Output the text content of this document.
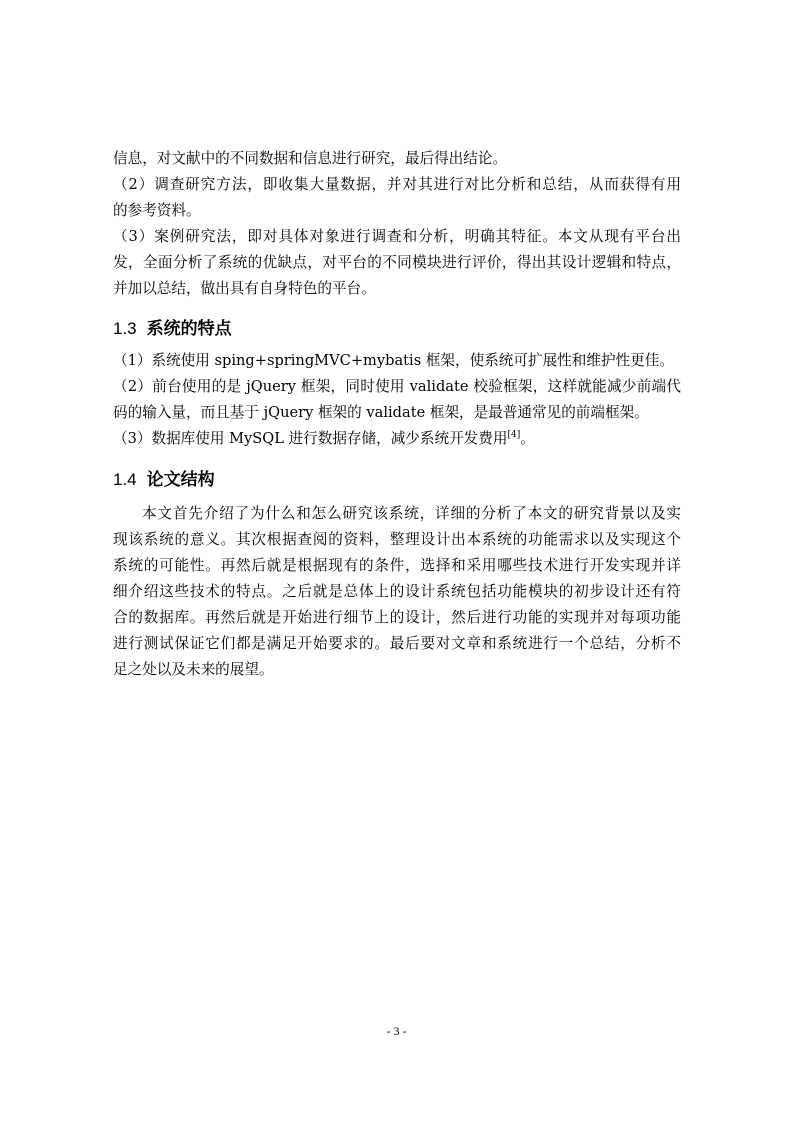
信息，对文献中的不同数据和信息进行研究，最后得出结论。
（2）调查研究方法，即收集大量数据，并对其进行对比分析和总结，从而获得有用
的参考资料。
（3）案例研究法，即对具体对象进行调查和分析，明确其特征。本文从现有平台出
发，全面分析了系统的优缺点，对平台的不同模块进行评价，得出其设计逻辑和特点，
并加以总结，做出具有自身特色的平台。
1.3 系统的特点
（1）系统使用 sping+springMVC+mybatis 框架，使系统可扩展性和维护性更佳。
（2）前台使用的是 jQuery 框架，同时使用 validate 校验框架，这样就能减少前端代
码的输入量，而且基于 jQuery 框架的 validate 框架，是最普通常见的前端框架。
（3）数据库使用 MySQL 进行数据存储，减少系统开发费用[4]。
1.4 论文结构
本文首先介绍了为什么和怎么研究该系统，详细的分析了本文的研究背景以及实
现该系统的意义。其次根据查阅的资料，整理设计出本系统的功能需求以及实现这个
系统的可能性。再然后就是根据现有的条件，选择和采用哪些技术进行开发实现并详
细介绍这些技术的特点。之后就是总体上的设计系统包括功能模块的初步设计还有符
合的数据库。再然后就是开始进行细节上的设计，然后进行功能的实现并对每项功能
进行测试保证它们都是满足开始要求的。最后要对文章和系统进行一个总结，分析不
足之处以及未来的展望。
- 3 -
